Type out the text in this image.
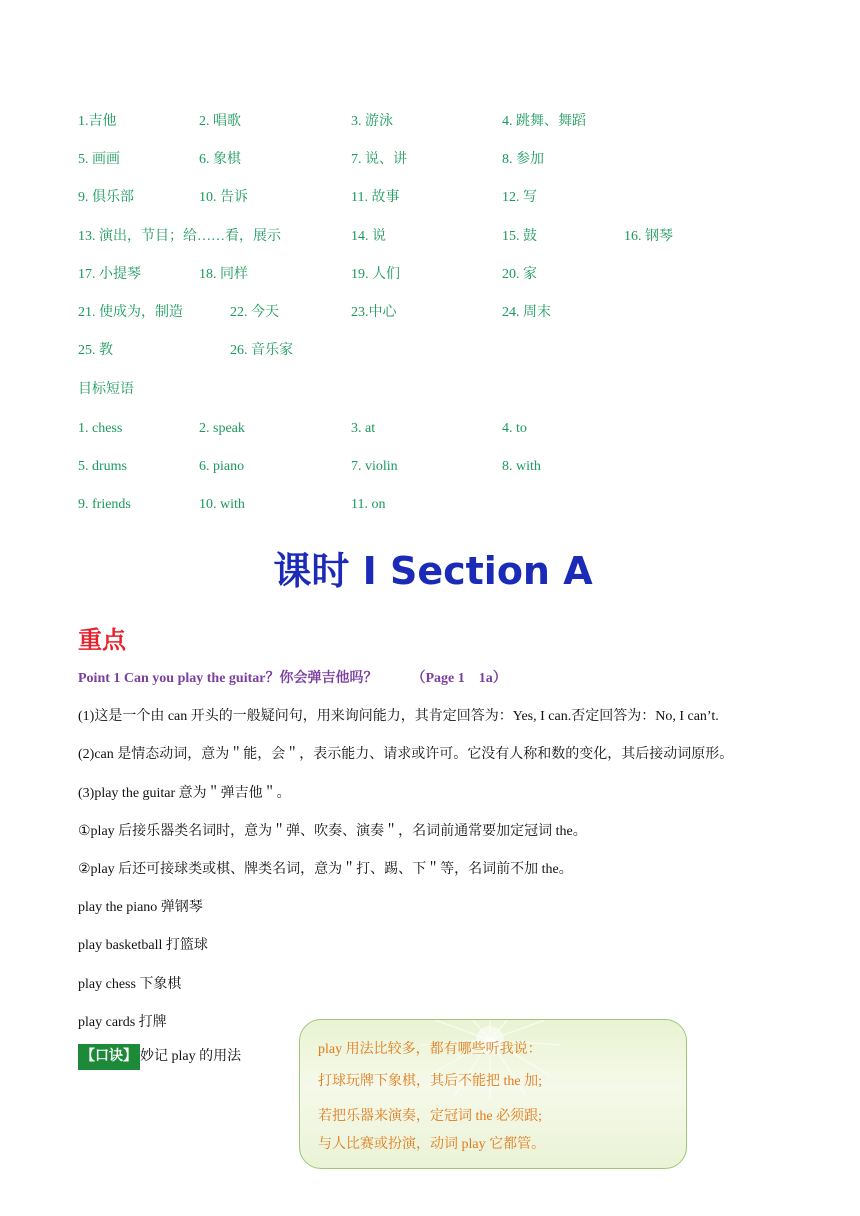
1.吉他	2. 唱歌	3. 游泳	4. 跳舞、舞蹈
5. 画画	6. 象棋	7. 说、讲	8. 参加
9. 俱乐部	10. 告诉	11. 故事	12. 写
13. 演出，节目；给……看，展示	14. 说	15. 鼓	16. 钢琴
17. 小提琴	18. 同样	19. 人们	20. 家
21. 使成为，制造	22. 今天	23.中心	24. 周末
25. 教	26. 音乐家
目标短语
1. chess	2. speak	3. at	4. to
5. drums	6. piano	7. violin	8. with
9. friends	10. with	11. on
课时 I Section A
重点
Point 1 Can you play the guitar？你会弹吉他吗？ （Page 1　1a）
(1)这是一个由 can 开头的一般疑问句，用来询问能力，其肯定回答为：Yes, I can.否定回答为：No, I can’t.
(2)can 是情态动词，意为＂能，会＂，表示能力、请求或许可。它没有人称和数的变化，其后接动词原形。
(3)play the guitar 意为＂弹吉他＂。
①play 后接乐器类名词时，意为＂弹、吹奏、演奏＂，名词前通常要加定冠词 the。
②play 后还可接球类或棋、牌类名词，意为＂打、踢、下＂等，名词前不加 the。
play the piano 弹钢琴
play basketball 打篮球
play chess 下象棋
play cards 打牌
【口诀】 妙记 play 的用法	play 用法比较多，都有哪些听我说：
打球玩牌下象棋，其后不能把 the 加;
若把乐器来演奏，定冠词 the 必须跟;
与人比赛或扮演，动词 play 它都管。
